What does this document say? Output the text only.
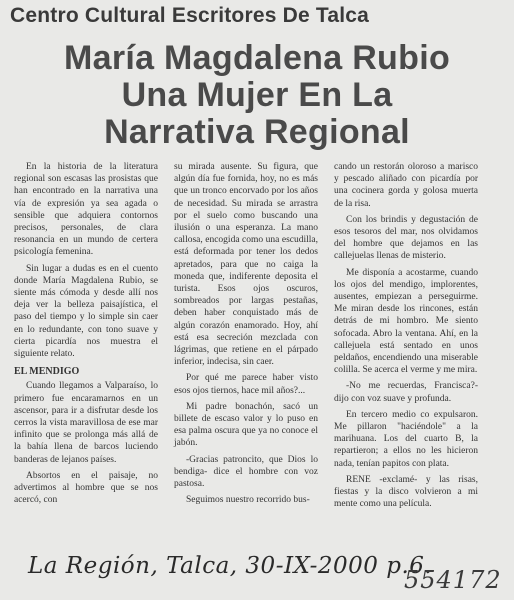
Centro Cultural Escritores De Talca
María Magdalena Rubio
Una Mujer En La
Narrativa Regional

En la historia de la literatura regional son escasas las prosistas que han encontrado en la narrativa una vía de expresión ya sea agada o sensible que adquiera contornos precisos, personales, de clara resonancia en un mundo de certera psicología femenina.

Sin lugar a dudas es en el cuento donde María Magdalena Rubio, se siente más cómoda y desde allí nos deja ver la belleza paisajística, el paso del tiempo y lo simple sin caer en lo redundante, con tono suave y cierta picardía nos muestra el siguiente relato.

EL MENDIGO

Cuando llegamos a Valparaíso, lo primero fue encaramarnos en un ascensor, para ir a disfrutar desde los cerros la vista maravillosa de ese mar infinito que se prolonga más allá de la bahía llena de barcos luciendo banderas de lejanos países.

Absortos en el paisaje, no advertimos al hombre que se nos acercó, con

su mirada ausente. Su figura, que algún día fue fornida, hoy, no es más que un tronco encorvado por los años de necesidad. Su mirada se arrastra por el suelo como buscando una ilusión o una esperanza. La mano callosa, encogida como una escudilla, está deformada por tener los dedos apretados, para que no caiga la moneda que, indiferente deposita el turista. Esos ojos oscuros, sombreados por largas pestañas, deben haber conquistado más de algún corazón enamorado. Hoy, ahí está esa secreción mezclada con lágrimas, que retiene en el párpado inferior, indecisa, sin caer.

Por qué me parece haber visto esos ojos tiernos, hace mil años?...

Mi padre bonachón, sacó un billete de escaso valor y lo puso en esa palma oscura que ya no conoce el jabón.

-Gracias patroncito, que Dios lo bendiga- dice el hombre con voz pastosa.

Seguimos nuestro recorrido bus-

cando un restorán oloroso a marisco y pescado aliñado con picardía por una cocinera gorda y golosa muerta de la risa.

Con los brindis y degustación de esos tesoros del mar, nos olvidamos del hombre que dejamos en las callejuelas llenas de misterio.

Me disponía a acostarme, cuando los ojos del mendigo, implorentes, ausentes, empiezan a perseguirme. Me miran desde los rincones, están detrás de mi hombro. Me siento sofocada. Abro la ventana. Ahí, en la callejuela está sentado en unos peldaños, encendiendo una miserable colilla. Se acerca el verme y me mira.

-No me recuerdas, Francisca?- dijo con voz suave y profunda.

En tercero medio co expulsaron. Me pillaron "haciéndole" a la marihuana. Los del cuarto B, la repartieron; a ellos no les hicieron nada, tenían papitos con plata.

RENE -exclamé- y las risas, fiestas y la disco volvieron a mi mente como una película.

La Región, Talca, 30-IX-2000 p.6.
554172
